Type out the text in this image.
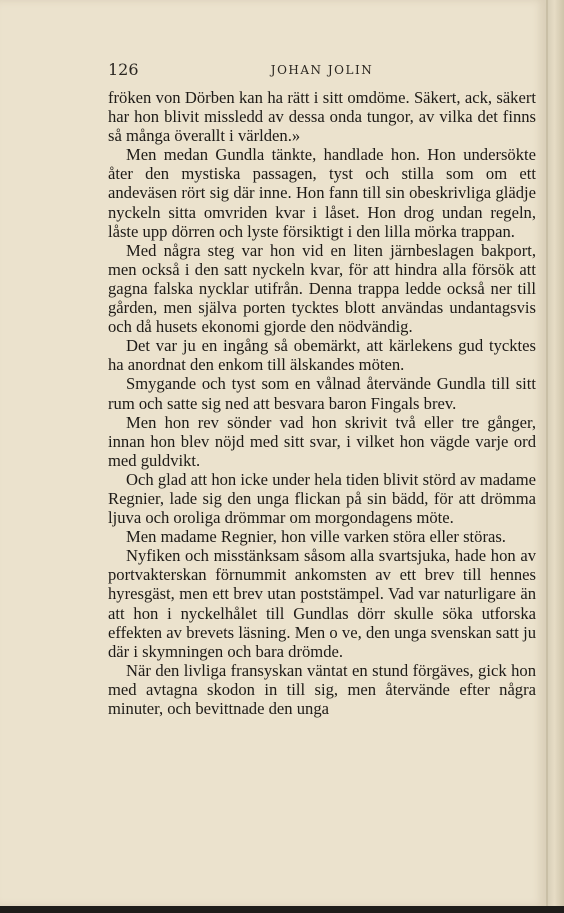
126	JOHAN JOLIN

fröken von Dörben kan ha rätt i sitt omdöme. Säkert, ack, säkert har hon blivit missledd av dessa onda tungor, av vilka det finns så många överallt i världen.»

Men medan Gundla tänkte, handlade hon. Hon undersökte åter den mystiska passagen, tyst och stilla som om ett andeväsen rört sig där inne. Hon fann till sin obeskrivliga glädje nyckeln sitta omvriden kvar i låset. Hon drog undan regeln, låste upp dörren och lyste försiktigt i den lilla mörka trappan.

Med några steg var hon vid en liten järnbeslagen bakport, men också i den satt nyckeln kvar, för att hindra alla försök att gagna falska nycklar utifrån. Denna trappa ledde också ner till gården, men själva porten tycktes blott användas undantagsvis och då husets ekonomi gjorde den nödvändig.

Det var ju en ingång så obemärkt, att kärlekens gud tycktes ha anordnat den enkom till älskandes möten.

Smygande och tyst som en vålnad återvände Gundla till sitt rum och satte sig ned att besvara baron Fingals brev.

Men hon rev sönder vad hon skrivit två eller tre gånger, innan hon blev nöjd med sitt svar, i vilket hon vägde varje ord med guldvikt.

Och glad att hon icke under hela tiden blivit störd av madame Regnier, lade sig den unga flickan på sin bädd, för att drömma ljuva och oroliga drömmar om morgondagens möte.

Men madame Regnier, hon ville varken störa eller störas.

Nyfiken och misstänksam såsom alla svartsjuka, hade hon av portvakterskan förnummit ankomsten av ett brev till hennes hyresgäst, men ett brev utan poststämpel. Vad var naturligare än att hon i nyckelhålet till Gundlas dörr skulle söka utforska effekten av brevets läsning. Men o ve, den unga svenskan satt ju där i skymningen och bara drömde.

När den livliga fransyskan väntat en stund förgäves, gick hon med avtagna skodon in till sig, men återvände efter några minuter, och bevittnade den unga
